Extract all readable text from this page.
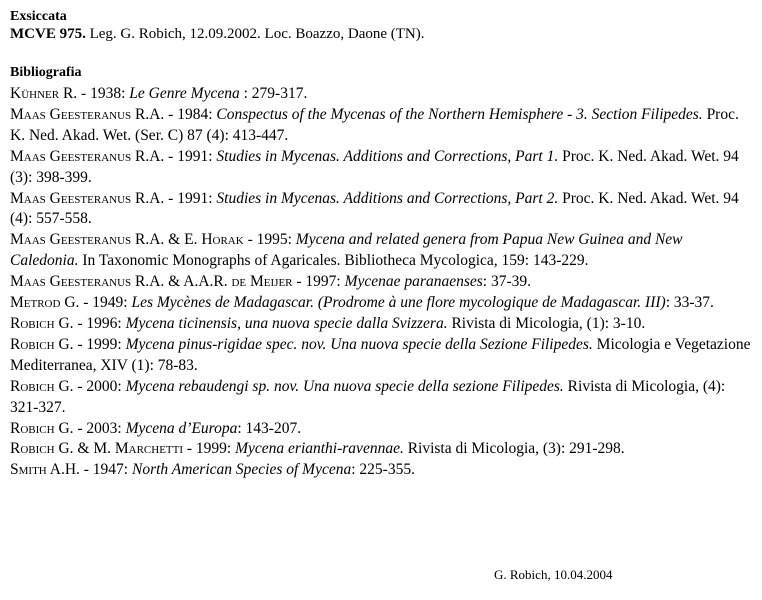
Exsiccata
MCVE 975. Leg. G. Robich, 12.09.2002. Loc. Boazzo, Daone (TN).
Bibliografia

Kühner R. - 1938: Le Genre Mycena : 279-317.

Maas Geesteranus R.A. - 1984: Conspectus of the Mycenas of the Northern Hemisphere - 3. Section Filipedes. Proc. K. Ned. Akad. Wet. (Ser. C) 87 (4): 413-447.

Maas Geesteranus R.A. - 1991: Studies in Mycenas. Additions and Corrections, Part 1. Proc. K. Ned. Akad. Wet. 94 (3): 398-399.

Maas Geesteranus R.A. - 1991: Studies in Mycenas. Additions and Corrections, Part 2. Proc. K. Ned. Akad. Wet. 94 (4): 557-558.

Maas Geesteranus R.A. & E. Horak - 1995: Mycena and related genera from Papua New Guinea and New Caledonia. In Taxonomic Monographs of Agaricales. Bibliotheca Mycologica, 159: 143-229.

Maas Geesteranus R.A. & A.A.R. de Meijer - 1997: Mycenae paranaenses: 37-39.

Metrod G. - 1949: Les Mycènes de Madagascar. (Prodrome à une flore mycologique de Madagascar. III): 33-37.

Robich G. - 1996: Mycena ticinensis, una nuova specie dalla Svizzera. Rivista di Micologia, (1): 3-10.

Robich G. - 1999: Mycena pinus-rigidae spec. nov. Una nuova specie della Sezione Filipedes. Micologia e Vegetazione Mediterranea, XIV (1): 78-83.

Robich G. - 2000: Mycena rebaudengi sp. nov. Una nuova specie della sezione Filipedes. Rivista di Micologia, (4): 321-327.

Robich G. - 2003: Mycena d’Europa: 143-207.

Robich G. & M. Marchetti - 1999: Mycena erianthi-ravennae. Rivista di Micologia, (3): 291-298.

Smith A.H. - 1947: North American Species of Mycena: 225-355.

G. Robich, 10.04.2004
